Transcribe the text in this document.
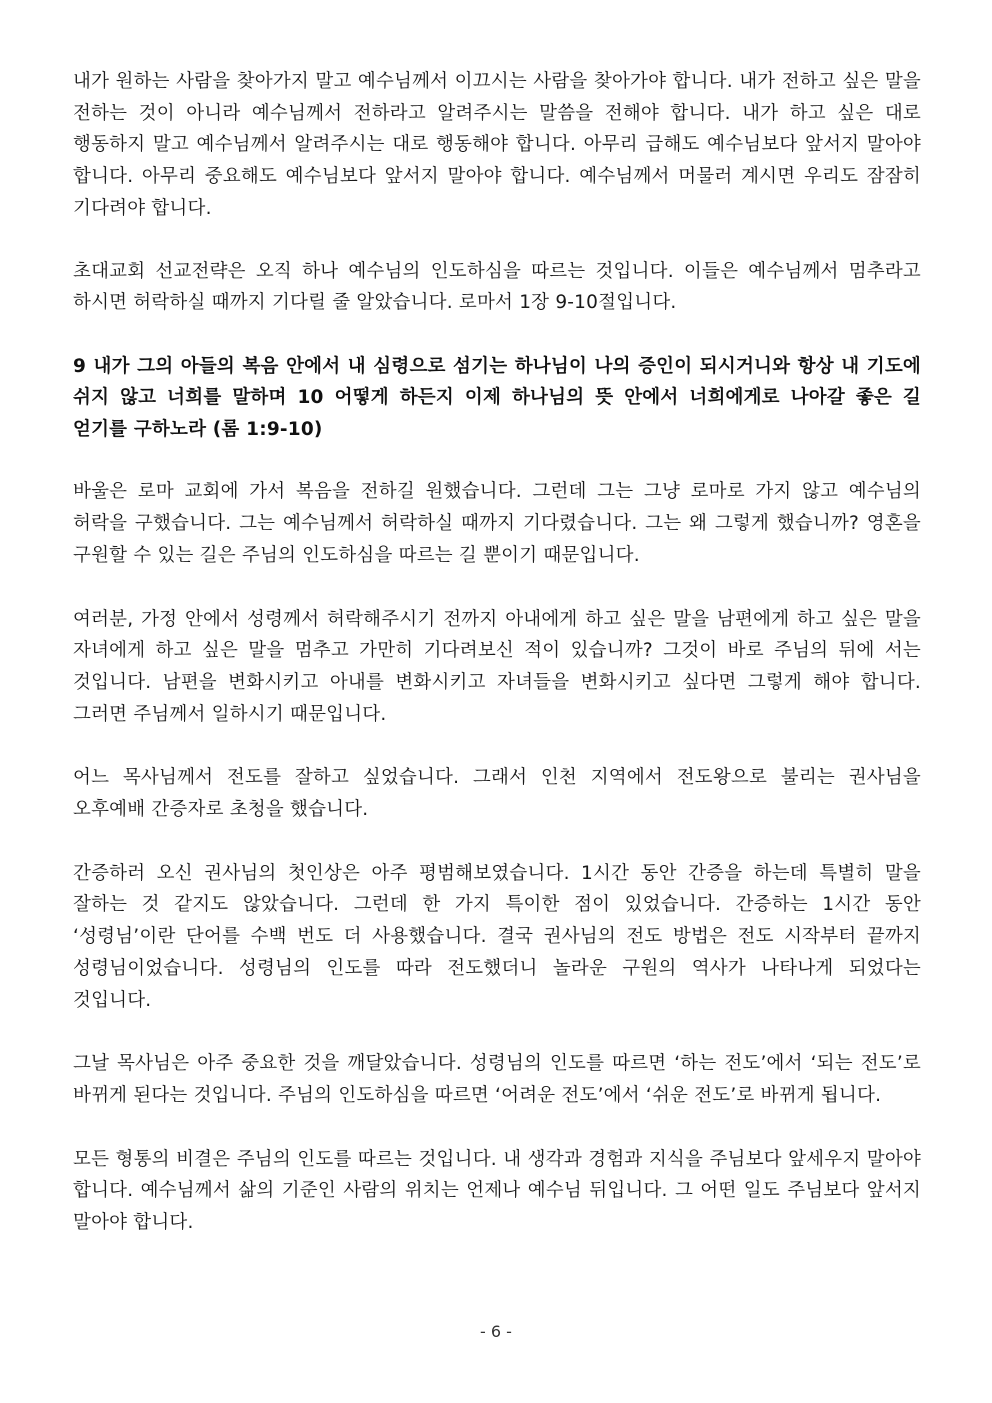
내가 원하는 사람을 찾아가지 말고 예수님께서 이끄시는 사람을 찾아가야 합니다. 내가 전하고 싶은 말을 전하는 것이 아니라 예수님께서 전하라고 알려주시는 말씀을 전해야 합니다. 내가 하고 싶은 대로 행동하지 말고 예수님께서 알려주시는 대로 행동해야 합니다. 아무리 급해도 예수님보다 앞서지 말아야 합니다. 아무리 중요해도 예수님보다 앞서지 말아야 합니다. 예수님께서 머물러 계시면 우리도 잠잠히 기다려야 합니다.

초대교회 선교전략은 오직 하나 예수님의 인도하심을 따르는 것입니다. 이들은 예수님께서 멈추라고 하시면 허락하실 때까지 기다릴 줄 알았습니다. 로마서 1장 9-10절입니다.

9 내가 그의 아들의 복음 안에서 내 심령으로 섬기는 하나님이 나의 증인이 되시거니와 항상 내 기도에 쉬지 않고 너희를 말하며 10 어떻게 하든지 이제 하나님의 뜻 안에서 너희에게로 나아갈 좋은 길 얻기를 구하노라 (롬 1:9-10)

바울은 로마 교회에 가서 복음을 전하길 원했습니다. 그런데 그는 그냥 로마로 가지 않고 예수님의 허락을 구했습니다. 그는 예수님께서 허락하실 때까지 기다렸습니다. 그는 왜 그렇게 했습니까? 영혼을 구원할 수 있는 길은 주님의 인도하심을 따르는 길 뿐이기 때문입니다.

여러분, 가정 안에서 성령께서 허락해주시기 전까지 아내에게 하고 싶은 말을 남편에게 하고 싶은 말을 자녀에게 하고 싶은 말을 멈추고 가만히 기다려보신 적이 있습니까? 그것이 바로 주님의 뒤에 서는 것입니다. 남편을 변화시키고 아내를 변화시키고 자녀들을 변화시키고 싶다면 그렇게 해야 합니다. 그러면 주님께서 일하시기 때문입니다.

어느 목사님께서 전도를 잘하고 싶었습니다. 그래서 인천 지역에서 전도왕으로 불리는 권사님을 오후예배 간증자로 초청을 했습니다.

간증하러 오신 권사님의 첫인상은 아주 평범해보였습니다. 1시간 동안 간증을 하는데 특별히 말을 잘하는 것 같지도 않았습니다. 그런데 한 가지 특이한 점이 있었습니다. 간증하는 1시간 동안 ‘성령님’이란 단어를 수백 번도 더 사용했습니다. 결국 권사님의 전도 방법은 전도 시작부터 끝까지 성령님이었습니다. 성령님의 인도를 따라 전도했더니 놀라운 구원의 역사가 나타나게 되었다는 것입니다.

그날 목사님은 아주 중요한 것을 깨달았습니다. 성령님의 인도를 따르면 ‘하는 전도’에서 ‘되는 전도’로 바뀌게 된다는 것입니다. 주님의 인도하심을 따르면 ‘어려운 전도’에서 ‘쉬운 전도’로 바뀌게 됩니다.

모든 형통의 비결은 주님의 인도를 따르는 것입니다. 내 생각과 경험과 지식을 주님보다 앞세우지 말아야 합니다. 예수님께서 삶의 기준인 사람의 위치는 언제나 예수님 뒤입니다. 그 어떤 일도 주님보다 앞서지 말아야 합니다.

- 6 -
